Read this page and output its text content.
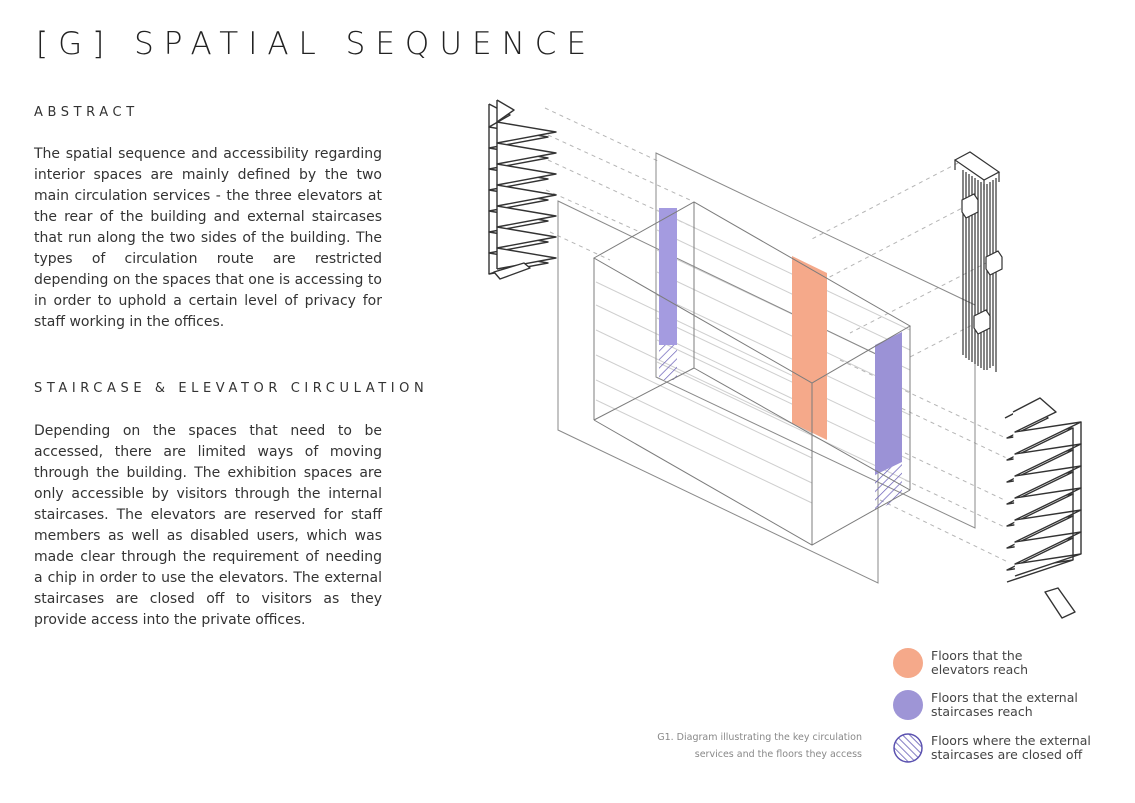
[G] SPATIAL SEQUENCE
ABSTRACT

The spatial sequence and accessibility regarding interior spaces are mainly defined by the two main circulation services - the three elevators at the rear of the building and external staircases that run along the two sides of the building. The types of circulation route are restricted depending on the spaces that one is accessing to in order to uphold a certain level of privacy for staff working in the offices.

STAIRCASE & ELEVATOR CIRCULATION

Depending on the spaces that need to be accessed, there are limited ways of moving through the building. The exhibition spaces are only accessible by visitors through the internal staircases. The elevators are reserved for staff members as well as disabled users, which was made clear through the requirement of needing a chip in order to use the elevators. The external staircases are closed off to visitors as they provide access into the private offices.

G1. Diagram illustrating the key circulation
services and the floors they access
Floors that the
elevators reach
Floors that the external
staircases reach
Floors where the external
staircases are closed off
